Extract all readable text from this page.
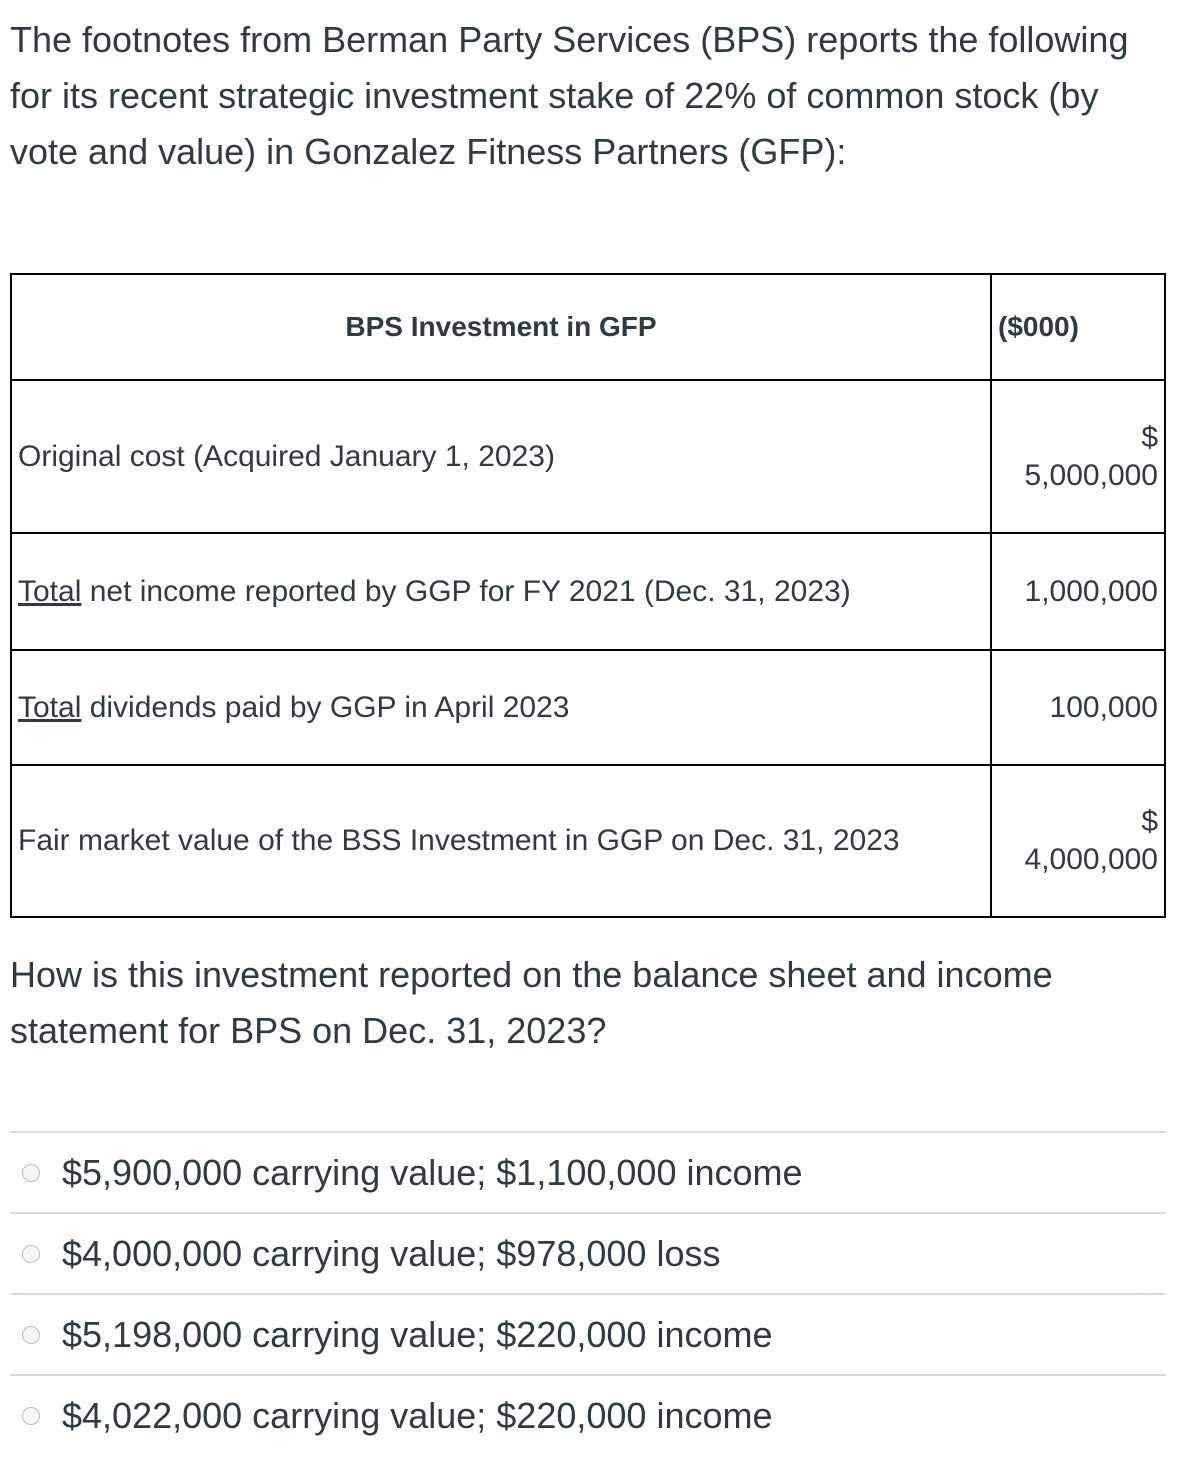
The footnotes from Berman Party Services (BPS) reports the following for its recent strategic investment stake of 22% of common stock (by vote and value) in Gonzalez Fitness Partners (GFP):

BPS Investment in GFP	($000)
Original cost (Acquired January 1, 2023)	$
5,000,000
Total net income reported by GGP for FY 2021 (Dec. 31, 2023)	1,000,000
Total dividends paid by GGP in April 2023	100,000
Fair market value of the BSS Investment in GGP on Dec. 31, 2023	$
4,000,000

How is this investment reported on the balance sheet and income statement for BPS on Dec. 31, 2023?

$5,900,000 carrying value; $1,100,000 income
$4,000,000 carrying value; $978,000 loss
$5,198,000 carrying value; $220,000 income
$4,022,000 carrying value; $220,000 income
